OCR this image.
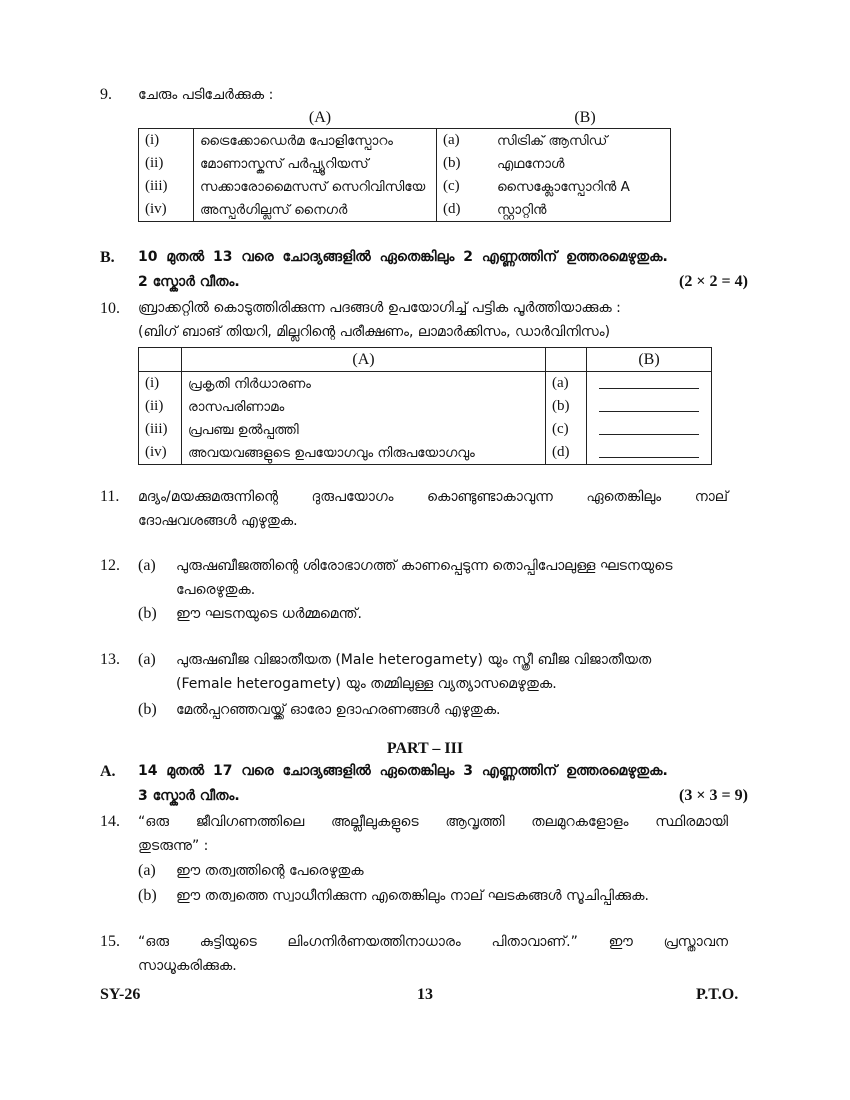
9. ചേരും പടിചേർക്കുക :
(A)	(B)
(i)	ട്രൈക്കോഡെർമ പോളിസ്പോറം	(a)	സിട്രിക് ആസിഡ്
(ii)	മോണാസ്കസ് പർപ്പ്യൂറിയസ്	(b)	എഥനോൾ
(iii)	സക്കാരോമൈസസ് സെറിവിസിയേ	(c)	സൈക്ലോസ്പോറിൻ A
(iv)	അസ്പർഗില്ലസ് നൈഗർ	(d)	സ്റ്റാറ്റിൻ
B. 10 മുതൽ 13 വരെ ചോദ്യങ്ങളിൽ ഏതെങ്കിലും 2 എണ്ണത്തിന് ഉത്തരമെഴുതുക.
2 സ്കോർ വീതം.	(2 × 2 = 4)
10. ബ്രാക്കറ്റിൽ കൊടുത്തിരിക്കുന്ന പദങ്ങൾ ഉപയോഗിച്ച് പട്ടിക പൂർത്തിയാക്കുക :
(ബിഗ് ബാങ് തിയറി, മില്ലറിന്റെ പരീക്ഷണം, ലാമാർക്കിസം, ഡാർവിനിസം)
	(A)		(B)
(i)	പ്രകൃതി നിർധാരണം	(a)	
(ii)	രാസപരിണാമം	(b)	
(iii)	പ്രപഞ്ച ഉൽപ്പത്തി	(c)	
(iv)	അവയവങ്ങളുടെ ഉപയോഗവും നിരുപയോഗവും	(d)	
11. മദ്യം/മയക്കുമരുന്നിന്റെ ദുരുപയോഗം കൊണ്ടുണ്ടാകാവുന്ന ഏതെങ്കിലും നാല്
ദോഷവശങ്ങൾ എഴുതുക.
12. (a) പുരുഷബീജത്തിന്റെ ശിരോഭാഗത്ത് കാണപ്പെടുന്ന തൊപ്പിപോലുള്ള ഘടനയുടെ
പേരെഴുതുക.
(b) ഈ ഘടനയുടെ ധർമ്മമെന്ത്.
13. (a) പുരുഷബീജ വിജാതീയത (Male heterogamety) യും സ്ത്രീ ബീജ വിജാതീയത
(Female heterogamety) യും തമ്മിലുള്ള വ്യത്യാസമെഴുതുക.
(b) മേൽപ്പറഞ്ഞവയ്ക്ക് ഓരോ ഉദാഹരണങ്ങൾ എഴുതുക.
PART – III
A. 14 മുതൽ 17 വരെ ചോദ്യങ്ങളിൽ ഏതെങ്കിലും 3 എണ്ണത്തിന് ഉത്തരമെഴുതുക.
3 സ്കോർ വീതം.	(3 × 3 = 9)
14. “ഒരു ജീവിഗണത്തിലെ അല്ലീലുകളുടെ ആവൃത്തി തലമുറകളോളം സ്ഥിരമായി
തുടരുന്നു” :
(a) ഈ തത്വത്തിന്റെ പേരെഴുതുക
(b) ഈ തത്വത്തെ സ്വാധീനിക്കുന്ന എതെങ്കിലും നാല് ഘടകങ്ങൾ സൂചിപ്പിക്കുക.
15. “ഒരു കുട്ടിയുടെ ലിംഗനിർണയത്തിനാധാരം പിതാവാണ്.” ഈ പ്രസ്താവന
സാധൂകരിക്കുക.
SY-26	13	P.T.O.
